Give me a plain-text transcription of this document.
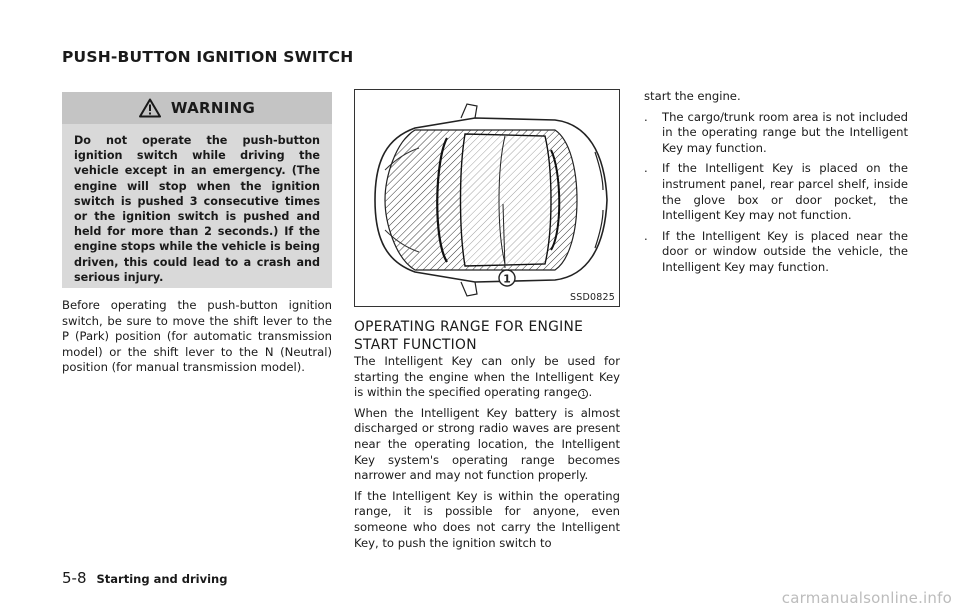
PUSH-BUTTON IGNITION SWITCH
WARNING
Do not operate the push-button ignition switch while driving the vehicle except in an emergency. (The engine will stop when the ignition switch is pushed 3 consecutive times or the ignition switch is pushed and held for more than 2 seconds.) If the engine stops while the vehicle is being driven, this could lead to a crash and serious injury.

Before operating the push-button ignition switch, be sure to move the shift lever to the P (Park) position (for automatic transmission model) or the shift lever to the N (Neutral) position (for manual transmission model).

1
SSD0825
OPERATING RANGE FOR ENGINE START FUNCTION

The Intelligent Key can only be used for starting the engine when the Intelligent Key is within the specified operating range 1 .

When the Intelligent Key battery is almost discharged or strong radio waves are present near the operating location, the Intelligent Key system's operating range becomes narrower and may not function properly.

If the Intelligent Key is within the operating range, it is possible for anyone, even someone who does not carry the Intelligent Key, to push the ignition switch to

start the engine.

. The cargo/trunk room area is not included in the operating range but the Intelligent Key may function.
. If the Intelligent Key is placed on the instrument panel, rear parcel shelf, inside the glove box or door pocket, the Intelligent Key may not function.
. If the Intelligent Key is placed near the door or window outside the vehicle, the Intelligent Key may function.
5-8 Starting and driving
carmanualsonline.info
